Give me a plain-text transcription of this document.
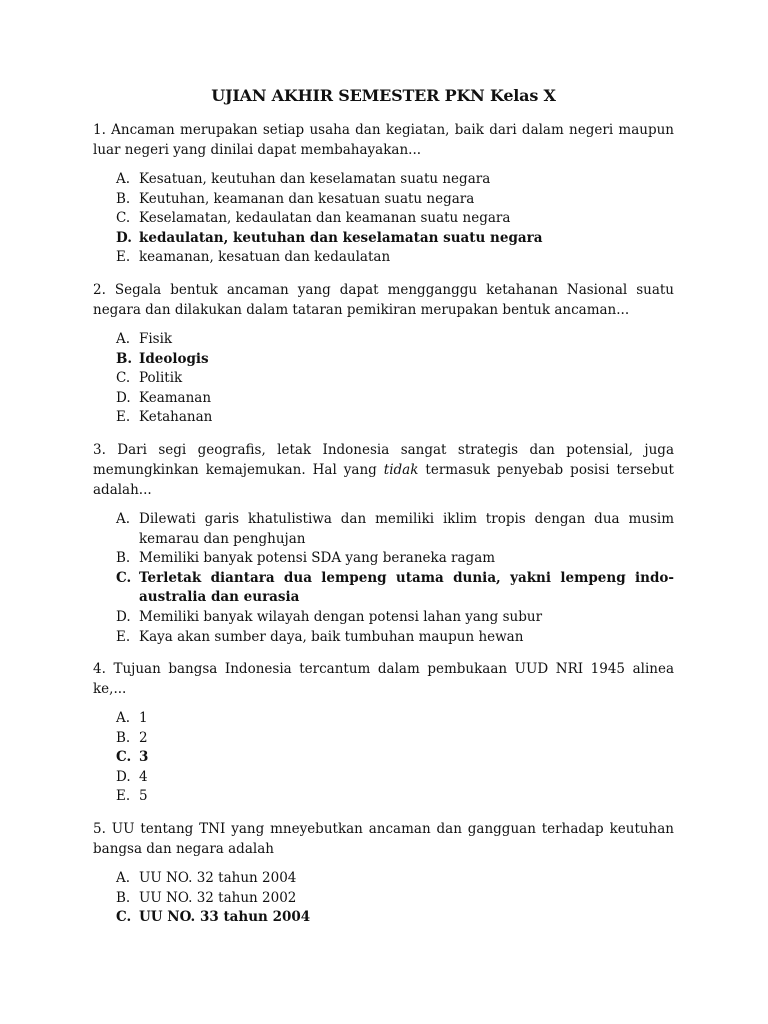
UJIAN AKHIR SEMESTER PKN Kelas X

1. Ancaman merupakan setiap usaha dan kegiatan, baik dari dalam negeri maupun luar negeri yang dinilai dapat membahayakan...

A. Kesatuan, keutuhan dan keselamatan suatu negara
B. Keutuhan, keamanan dan kesatuan suatu negara
C. Keselamatan, kedaulatan dan keamanan suatu negara
D. kedaulatan, keutuhan dan keselamatan suatu negara
E. keamanan, kesatuan dan kedaulatan

2. Segala bentuk ancaman yang dapat mengganggu ketahanan Nasional suatu negara dan dilakukan dalam tataran pemikiran merupakan bentuk ancaman...

A. Fisik
B. Ideologis
C. Politik
D. Keamanan
E. Ketahanan

3. Dari segi geografis, letak Indonesia sangat strategis dan potensial, juga memungkinkan kemajemukan. Hal yang tidak termasuk penyebab posisi tersebut adalah...

A. Dilewati garis khatulistiwa dan memiliki iklim tropis dengan dua musim kemarau dan penghujan
B. Memiliki banyak potensi SDA yang beraneka ragam
C. Terletak diantara dua lempeng utama dunia, yakni lempeng indo-australia dan eurasia
D. Memiliki banyak wilayah dengan potensi lahan yang subur
E. Kaya akan sumber daya, baik tumbuhan maupun hewan

4. Tujuan bangsa Indonesia tercantum dalam pembukaan UUD NRI 1945 alinea ke,...

A. 1
B. 2
C. 3
D. 4
E. 5

5. UU tentang TNI yang mneyebutkan ancaman dan gangguan terhadap keutuhan bangsa dan negara adalah

A. UU NO. 32 tahun 2004
B. UU NO. 32 tahun 2002
C. UU NO. 33 tahun 2004
